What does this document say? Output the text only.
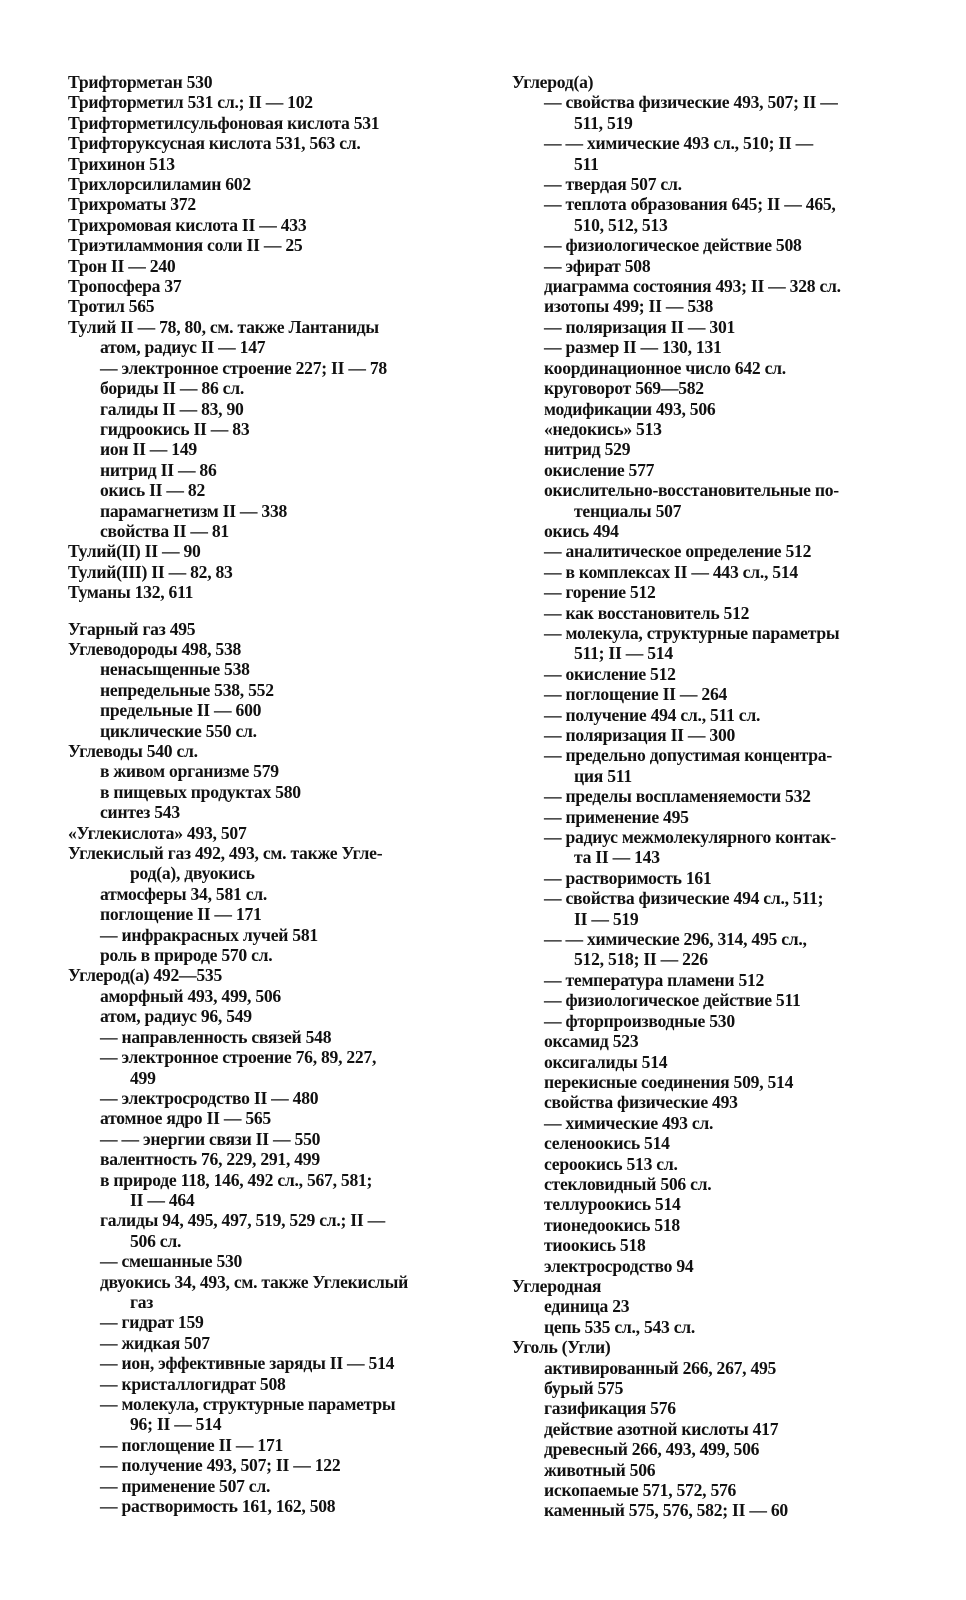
Трифторметан 530
Трифторметил 531 сл.; II — 102
Трифторметилсульфоновая кислота 531
Трифторуксусная кислота 531, 563 сл.
Трихинон 513
Трихлорсилиламин 602
Трихроматы 372
Трихромовая кислота II — 433
Триэтиламмония соли II — 25
Трон II — 240
Тропосфера 37
Тротил 565
Тулий II — 78, 80, см. также Лантаниды
атом, радиус II — 147
— электронное строение 227; II — 78
бориды II — 86 сл.
галиды II — 83, 90
гидроокись II — 83
ион II — 149
нитрид II — 86
окись II — 82
парамагнетизм II — 338
свойства II — 81
Тулий(II) II — 90
Тулий(III) II — 82, 83
Туманы 132, 611
Угарный газ 495
Углеводороды 498, 538
ненасыщенные 538
непредельные 538, 552
предельные II — 600
циклические 550 сл.
Углеводы 540 сл.
в живом организме 579
в пищевых продуктах 580
синтез 543
«Углекислота» 493, 507
Углекислый газ 492, 493, см. также Угле-
род(а), двуокись
атмосферы 34, 581 сл.
поглощение II — 171
— инфракрасных лучей 581
роль в природе 570 сл.
Углерод(а) 492—535
аморфный 493, 499, 506
атом, радиус 96, 549
— направленность связей 548
— электронное строение 76, 89, 227,
499
— электросродство II — 480
атомное ядро II — 565
— — энергии связи II — 550
валентность 76, 229, 291, 499
в природе 118, 146, 492 сл., 567, 581;
II — 464
галиды 94, 495, 497, 519, 529 сл.; II —
506 сл.
— смешанные 530
двуокись 34, 493, см. также Углекислый
газ
— гидрат 159
— жидкая 507
— ион, эффективные заряды II — 514
— кристаллогидрат 508
— молекула, структурные параметры
96; II — 514
— поглощение II — 171
— получение 493, 507; II — 122
— применение 507 сл.
— растворимость 161, 162, 508
Углерод(а)
— свойства физические 493, 507; II —
511, 519
— — химические 493 сл., 510; II —
511
— твердая 507 сл.
— теплота образования 645; II — 465,
510, 512, 513
— физиологическое действие 508
— эфират 508
диаграмма состояния 493; II — 328 сл.
изотопы 499; II — 538
— поляризация II — 301
— размер II — 130, 131
координационное число 642 сл.
круговорот 569—582
модификации 493, 506
«недокись» 513
нитрид 529
окисление 577
окислительно-восстановительные по-
тенциалы 507
окись 494
— аналитическое определение 512
— в комплексах II — 443 сл., 514
— горение 512
— как восстановитель 512
— молекула, структурные параметры
511; II — 514
— окисление 512
— поглощение II — 264
— получение 494 сл., 511 сл.
— поляризация II — 300
— предельно допустимая концентра-
ция 511
— пределы воспламеняемости 532
— применение 495
— радиус межмолекулярного контак-
та II — 143
— растворимость 161
— свойства физические 494 сл., 511;
II — 519
— — химические 296, 314, 495 сл.,
512, 518; II — 226
— температура пламени 512
— физиологическое действие 511
— фторпроизводные 530
оксамид 523
оксигалиды 514
перекисные соединения 509, 514
свойства физические 493
— химические 493 сл.
селеноокись 514
сероокись 513 сл.
стекловидный 506 сл.
теллуроокись 514
тионедоокись 518
тиоокись 518
электросродство 94
Углеродная
единица 23
цепь 535 сл., 543 сл.
Уголь (Угли)
активированный 266, 267, 495
бурый 575
газификация 576
действие азотной кислоты 417
древесный 266, 493, 499, 506
животный 506
ископаемые 571, 572, 576
каменный 575, 576, 582; II — 60
